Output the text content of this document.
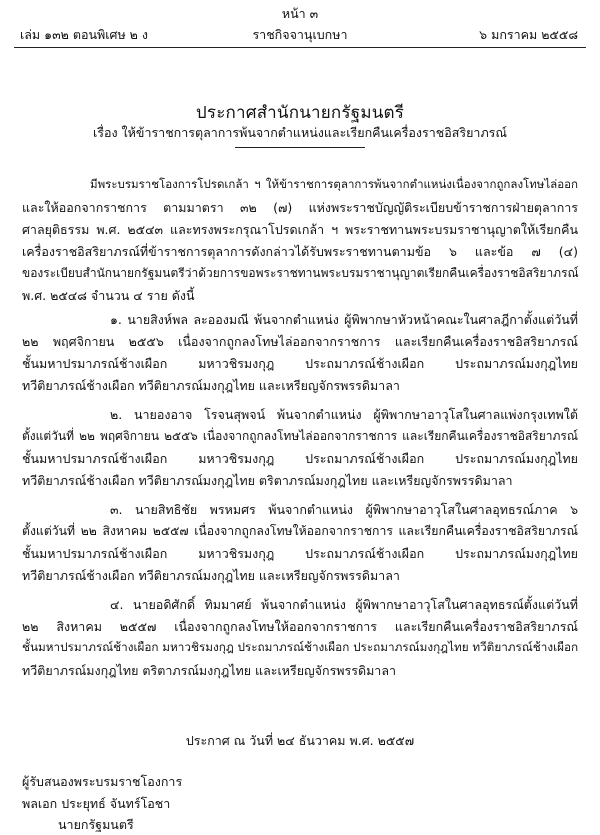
หน้า ๓
เล่ม ๑๓๒ ตอนพิเศษ ๒ ง	ราชกิจจานุเบกษา	๖ มกราคม ๒๕๕๘
ประกาศสำนักนายกรัฐมนตรี
เรื่อง ให้ข้าราชการตุลาการพ้นจากตำแหน่งและเรียกคืนเครื่องราชอิสริยาภรณ์
มีพระบรมราชโองการโปรดเกล้า ฯ ให้ข้าราชการตุลาการพ้นจากตำแหน่งเนื่องจากถูกลงโทษไล่ออก
และให้ออกจากราชการ ตามมาตรา ๓๒ (๗) แห่งพระราชบัญญัติระเบียบข้าราชการฝ่ายตุลาการ
ศาลยุติธรรม พ.ศ. ๒๕๔๓ และทรงพระกรุณาโปรดเกล้า ฯ พระราชทานพระบรมราชานุญาตให้เรียกคืน
เครื่องราชอิสริยาภรณ์ที่ข้าราชการตุลาการดังกล่าวได้รับพระราชทานตามข้อ ๖ และข้อ ๗ (๔)
ของระเบียบสำนักนายกรัฐมนตรีว่าด้วยการขอพระราชทานพระบรมราชานุญาตเรียกคืนเครื่องราชอิสริยาภรณ์
พ.ศ. ๒๕๔๘ จำนวน ๔ ราย ดังนี้
๑. นายสิงห์พล ละอองมณี พ้นจากตำแหน่ง ผู้พิพากษาหัวหน้าคณะในศาลฎีกาตั้งแต่วันที่
๒๒ พฤศจิกายน ๒๕๕๖ เนื่องจากถูกลงโทษไล่ออกจากราชการ และเรียกคืนเครื่องราชอิสริยาภรณ์
ชั้นมหาปรมาภรณ์ช้างเผือก มหาวชิรมงกุฎ ประถมาภรณ์ช้างเผือก ประถมาภรณ์มงกุฎไทย
ทวีติยาภรณ์ช้างเผือก ทวีติยาภรณ์มงกุฎไทย และเหรียญจักรพรรดิมาลา
๒. นายองอาจ โรจนสุพจน์ พ้นจากตำแหน่ง ผู้พิพากษาอาวุโสในศาลแพ่งกรุงเทพใต้
ตั้งแต่วันที่ ๒๒ พฤศจิกายน ๒๕๕๖ เนื่องจากถูกลงโทษไล่ออกจากราชการ และเรียกคืนเครื่องราชอิสริยาภรณ์
ชั้นมหาปรมาภรณ์ช้างเผือก มหาวชิรมงกุฎ ประถมาภรณ์ช้างเผือก ประถมาภรณ์มงกุฎไทย
ทวีติยาภรณ์ช้างเผือก ทวีติยาภรณ์มงกุฎไทย ตริตาภรณ์มงกุฎไทย และเหรียญจักรพรรดิมาลา
๓. นายสิทธิชัย พรหมศร พ้นจากตำแหน่ง ผู้พิพากษาอาวุโสในศาลอุทธรณ์ภาค ๖
ตั้งแต่วันที่ ๒๒ สิงหาคม ๒๕๕๗ เนื่องจากถูกลงโทษให้ออกจากราชการ และเรียกคืนเครื่องราชอิสริยาภรณ์
ชั้นมหาปรมาภรณ์ช้างเผือก มหาวชิรมงกุฎ ประถมาภรณ์ช้างเผือก ประถมาภรณ์มงกุฎไทย
ทวีติยาภรณ์ช้างเผือก ทวีติยาภรณ์มงกุฎไทย และเหรียญจักรพรรดิมาลา
๔. นายอดิศักดิ์ ทิมมาศย์ พ้นจากตำแหน่ง ผู้พิพากษาอาวุโสในศาลอุทธรณ์ตั้งแต่วันที่
๒๒ สิงหาคม ๒๕๕๗ เนื่องจากถูกลงโทษให้ออกจากราชการ และเรียกคืนเครื่องราชอิสริยาภรณ์
ชั้นมหาปรมาภรณ์ช้างเผือก มหาวชิรมงกุฎ ประถมาภรณ์ช้างเผือก ประถมาภรณ์มงกุฎไทย ทวีติยาภรณ์ช้างเผือก
ทวีติยาภรณ์มงกุฎไทย ตริตาภรณ์มงกุฎไทย และเหรียญจักรพรรดิมาลา
ประกาศ ณ วันที่ ๒๔ ธันวาคม พ.ศ. ๒๕๕๗
ผู้รับสนองพระบรมราชโองการ
พลเอก ประยุทธ์ จันทร์โอชา
นายกรัฐมนตรี
